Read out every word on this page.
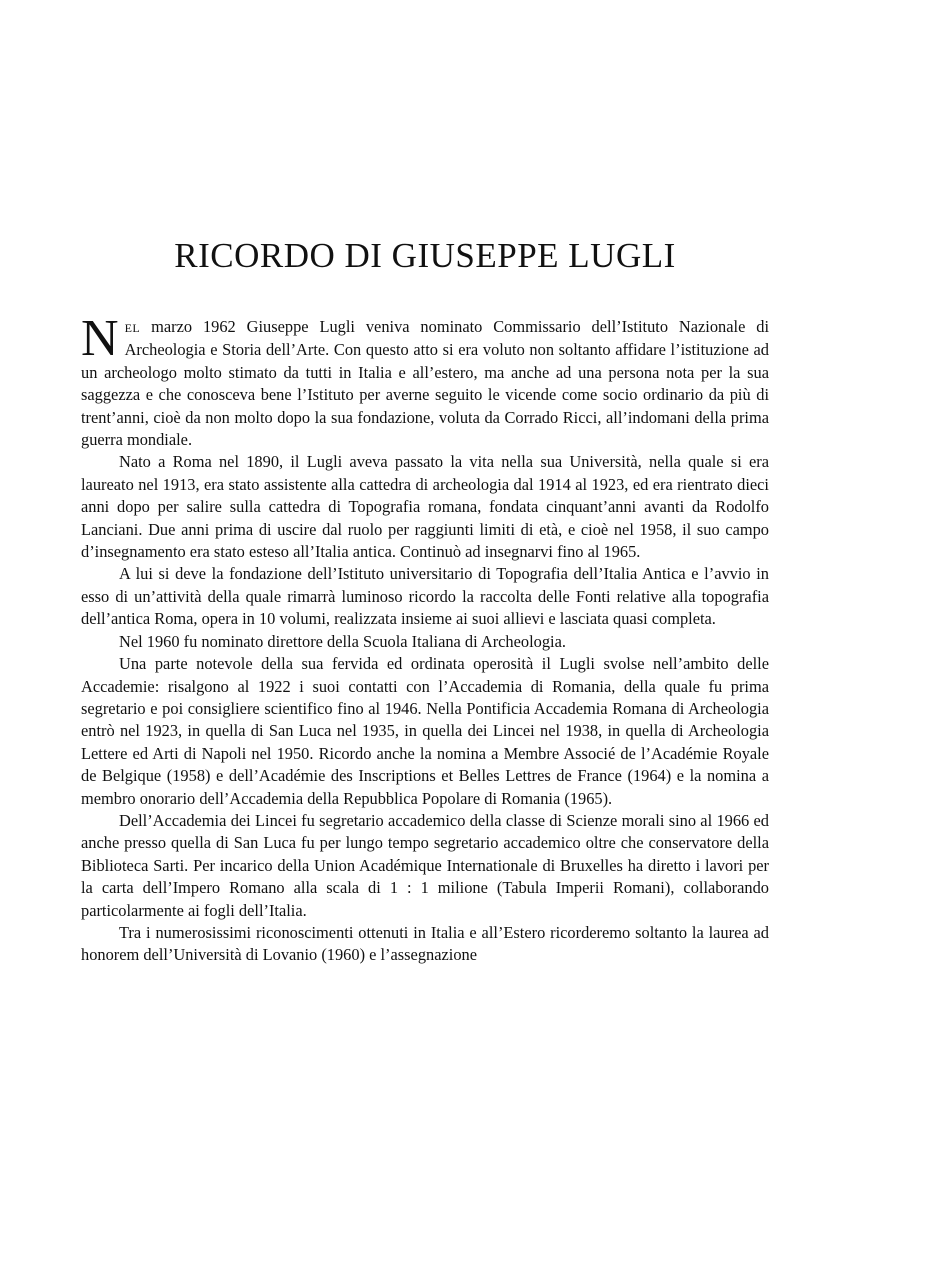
RICORDO DI GIUSEPPE LUGLI

NEL marzo 1962 Giuseppe Lugli veniva nominato Commissario dell’Istituto Nazionale di Archeologia e Storia dell’Arte. Con questo atto si era voluto non soltanto affidare l’istituzione ad un archeologo molto stimato da tutti in Italia e all’estero, ma anche ad una persona nota per la sua saggezza e che conosceva bene l’Istituto per averne seguito le vicende come socio ordinario da più di trent’anni, cioè da non molto dopo la sua fondazione, voluta da Corrado Ricci, all’indomani della prima guerra mondiale.

Nato a Roma nel 1890, il Lugli aveva passato la vita nella sua Università, nella quale si era laureato nel 1913, era stato assistente alla cattedra di archeologia dal 1914 al 1923, ed era rientrato dieci anni dopo per salire sulla cattedra di Topografia romana, fondata cinquant’anni avanti da Rodolfo Lanciani. Due anni prima di uscire dal ruolo per raggiunti limiti di età, e cioè nel 1958, il suo campo d’insegnamento era stato esteso all’Italia antica. Continuò ad insegnarvi fino al 1965.

A lui si deve la fondazione dell’Istituto universitario di Topografia dell’Italia Antica e l’avvio in esso di un’attività della quale rimarrà luminoso ricordo la raccolta delle Fonti relative alla topografia dell’antica Roma, opera in 10 volumi, realizzata insieme ai suoi allievi e lasciata quasi completa.

Nel 1960 fu nominato direttore della Scuola Italiana di Archeologia.

Una parte notevole della sua fervida ed ordinata operosità il Lugli svolse nell’ambito delle Accademie: risalgono al 1922 i suoi contatti con l’Accademia di Romania, della quale fu prima segretario e poi consigliere scientifico fino al 1946. Nella Pontificia Accademia Romana di Archeologia entrò nel 1923, in quella di San Luca nel 1935, in quella dei Lincei nel 1938, in quella di Archeologia Lettere ed Arti di Napoli nel 1950. Ricordo anche la nomina a Membre Associé de l’Académie Royale de Belgique (1958) e dell’Académie des Inscriptions et Belles Lettres de France (1964) e la nomina a membro onorario dell’Accademia della Repubblica Popolare di Romania (1965).

Dell’Accademia dei Lincei fu segretario accademico della classe di Scienze morali sino al 1966 ed anche presso quella di San Luca fu per lungo tempo segretario accademico oltre che conservatore della Biblioteca Sarti. Per incarico della Union Académique Internationale di Bruxelles ha diretto i lavori per la carta dell’Impero Romano alla scala di 1 : 1 milione (Tabula Imperii Romani), collaborando particolarmente ai fogli dell’Italia.

Tra i numerosissimi riconoscimenti ottenuti in Italia e all’Estero ricorderemo soltanto la laurea ad honorem dell’Università di Lovanio (1960) e l’assegnazione
